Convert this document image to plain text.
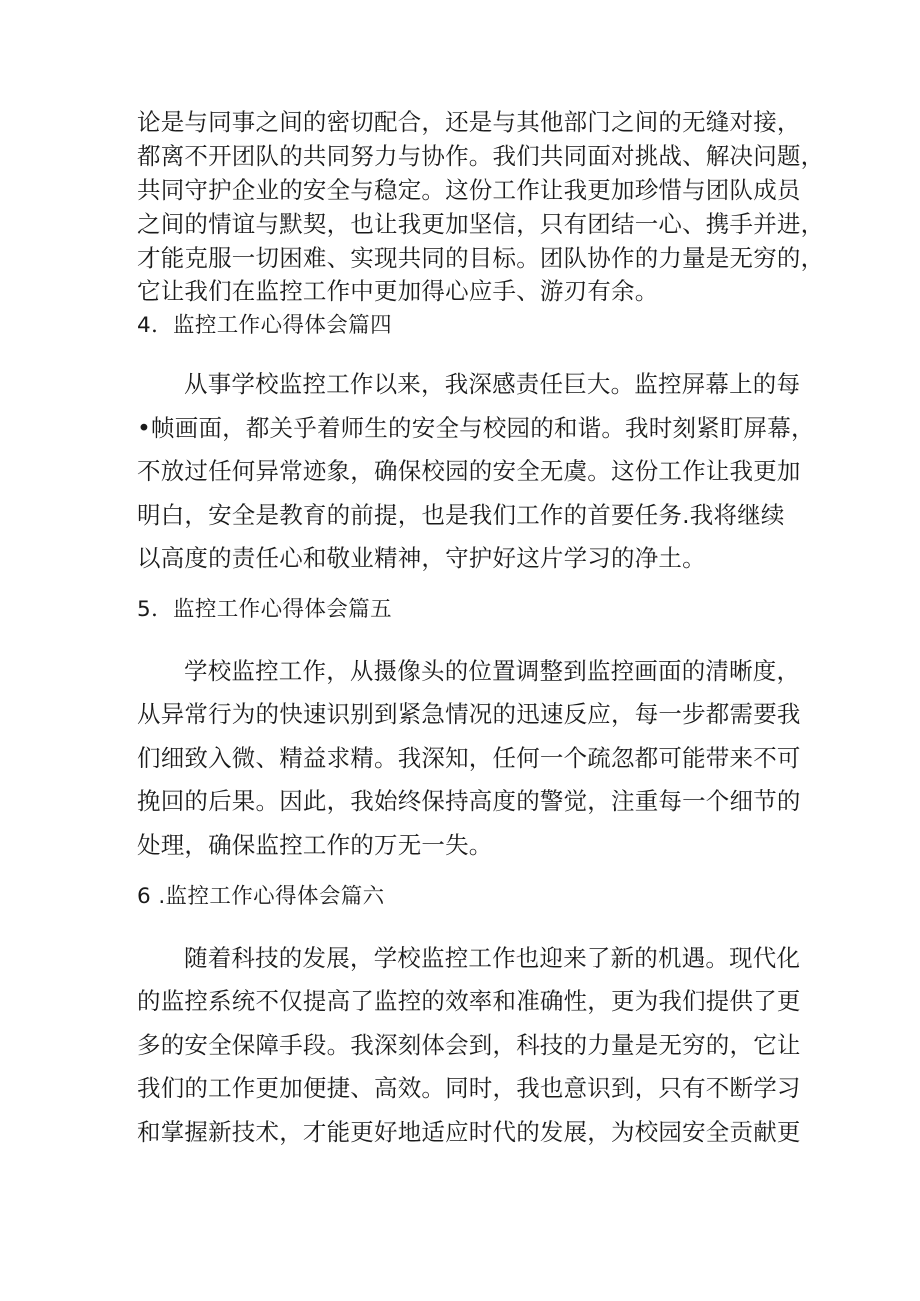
论是与同事之间的密切配合，还是与其他部门之间的无缝对接，
都离不开团队的共同努力与协作。我们共同面对挑战、解决问题，
共同守护企业的安全与稳定。这份工作让我更加珍惜与团队成员
之间的情谊与默契，也让我更加坚信，只有团结一心、携手并进，
才能克服一切困难、实现共同的目标。团队协作的力量是无穷的，
它让我们在监控工作中更加得心应手、游刃有余。
4．监控工作心得体会篇四
从事学校监控工作以来，我深感责任巨大。监控屏幕上的每
•帧画面，都关乎着师生的安全与校园的和谐。我时刻紧盯屏幕，
不放过任何异常迹象，确保校园的安全无虞。这份工作让我更加
明白，安全是教育的前提，也是我们工作的首要任务.我将继续
以高度的责任心和敬业精神，守护好这片学习的净土。
5．监控工作心得体会篇五
学校监控工作，从摄像头的位置调整到监控画面的清晰度，
从异常行为的快速识别到紧急情况的迅速反应，每一步都需要我
们细致入微、精益求精。我深知，任何一个疏忽都可能带来不可
挽回的后果。因此，我始终保持高度的警觉，注重每一个细节的
处理，确保监控工作的万无一失。
6 .监控工作心得体会篇六
随着科技的发展，学校监控工作也迎来了新的机遇。现代化
的监控系统不仅提高了监控的效率和准确性，更为我们提供了更
多的安全保障手段。我深刻体会到，科技的力量是无穷的，它让
我们的工作更加便捷、高效。同时，我也意识到，只有不断学习
和掌握新技术，才能更好地适应时代的发展，为校园安全贡献更
